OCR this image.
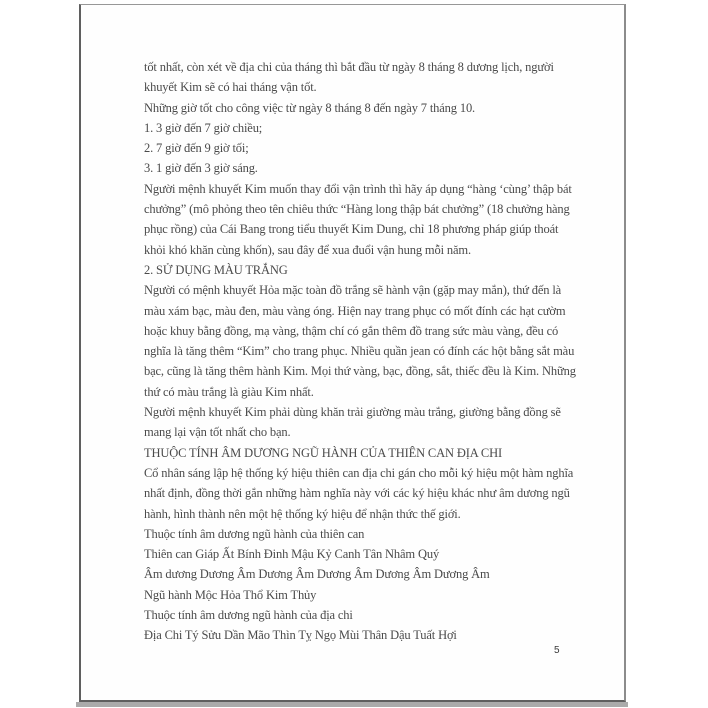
tốt nhất, còn xét về địa chi của tháng thì bắt đầu từ ngày 8 tháng 8 dương lịch, người
khuyết Kim sẽ có hai tháng vận tốt.
Những giờ tốt cho công việc từ ngày 8 tháng 8 đến ngày 7 tháng 10.
1. 3 giờ đến 7 giờ chiều;
2. 7 giờ đến 9 giờ tối;
3. 1 giờ đến 3 giờ sáng.
Người mệnh khuyết Kim muốn thay đổi vận trình thì hãy áp dụng “hàng ‘cùng’ thập bát
chưởng” (mô phỏng theo tên chiêu thức “Hàng long thập bát chưởng” (18 chưởng hàng
phục rồng) của Cái Bang trong tiểu thuyết Kim Dung, chỉ 18 phương pháp giúp thoát
khỏi khó khăn cùng khốn), sau đây để xua đuổi vận hung mỗi năm.
2. SỬ DỤNG MÀU TRẮNG
Người có mệnh khuyết Hỏa mặc toàn đồ trắng sẽ hành vận (gặp may mắn), thứ đến là
màu xám bạc, màu đen, màu vàng óng. Hiện nay trang phục có mốt đính các hạt cườm
hoặc khuy bằng đồng, mạ vàng, thậm chí có gắn thêm đồ trang sức màu vàng, đều có
nghĩa là tăng thêm “Kim” cho trang phục. Nhiều quần jean có đính các hột bằng sắt màu
bạc, cũng là tăng thêm hành Kim. Mọi thứ vàng, bạc, đồng, sắt, thiếc đều là Kim. Những
thứ có màu trắng là giàu Kim nhất.
Người mệnh khuyết Kim phải dùng khăn trải giường màu trắng, giường bằng đồng sẽ
mang lại vận tốt nhất cho bạn.
THUỘC TÍNH ÂM DƯƠNG NGŨ HÀNH CỦA THIÊN CAN ĐỊA CHI
Cổ nhân sáng lập hệ thống ký hiệu thiên can địa chi gán cho mỗi ký hiệu một hàm nghĩa
nhất định, đồng thời gắn những hàm nghĩa này với các ký hiệu khác như âm dương ngũ
hành, hình thành nên một hệ thống ký hiệu để nhận thức thế giới.
Thuộc tính âm dương ngũ hành của thiên can
Thiên can Giáp Ất Bính Đinh Mậu Kỷ Canh Tân Nhâm Quý
Âm dương Dương Âm Dương Âm Dương Âm Dương Âm Dương Âm
Ngũ hành Mộc Hỏa Thổ Kim Thủy
Thuộc tính âm dương ngũ hành của địa chi
Địa Chi Tý Sửu Dần Mão Thìn Tỵ Ngọ Mùi Thân Dậu Tuất Hợi
5
